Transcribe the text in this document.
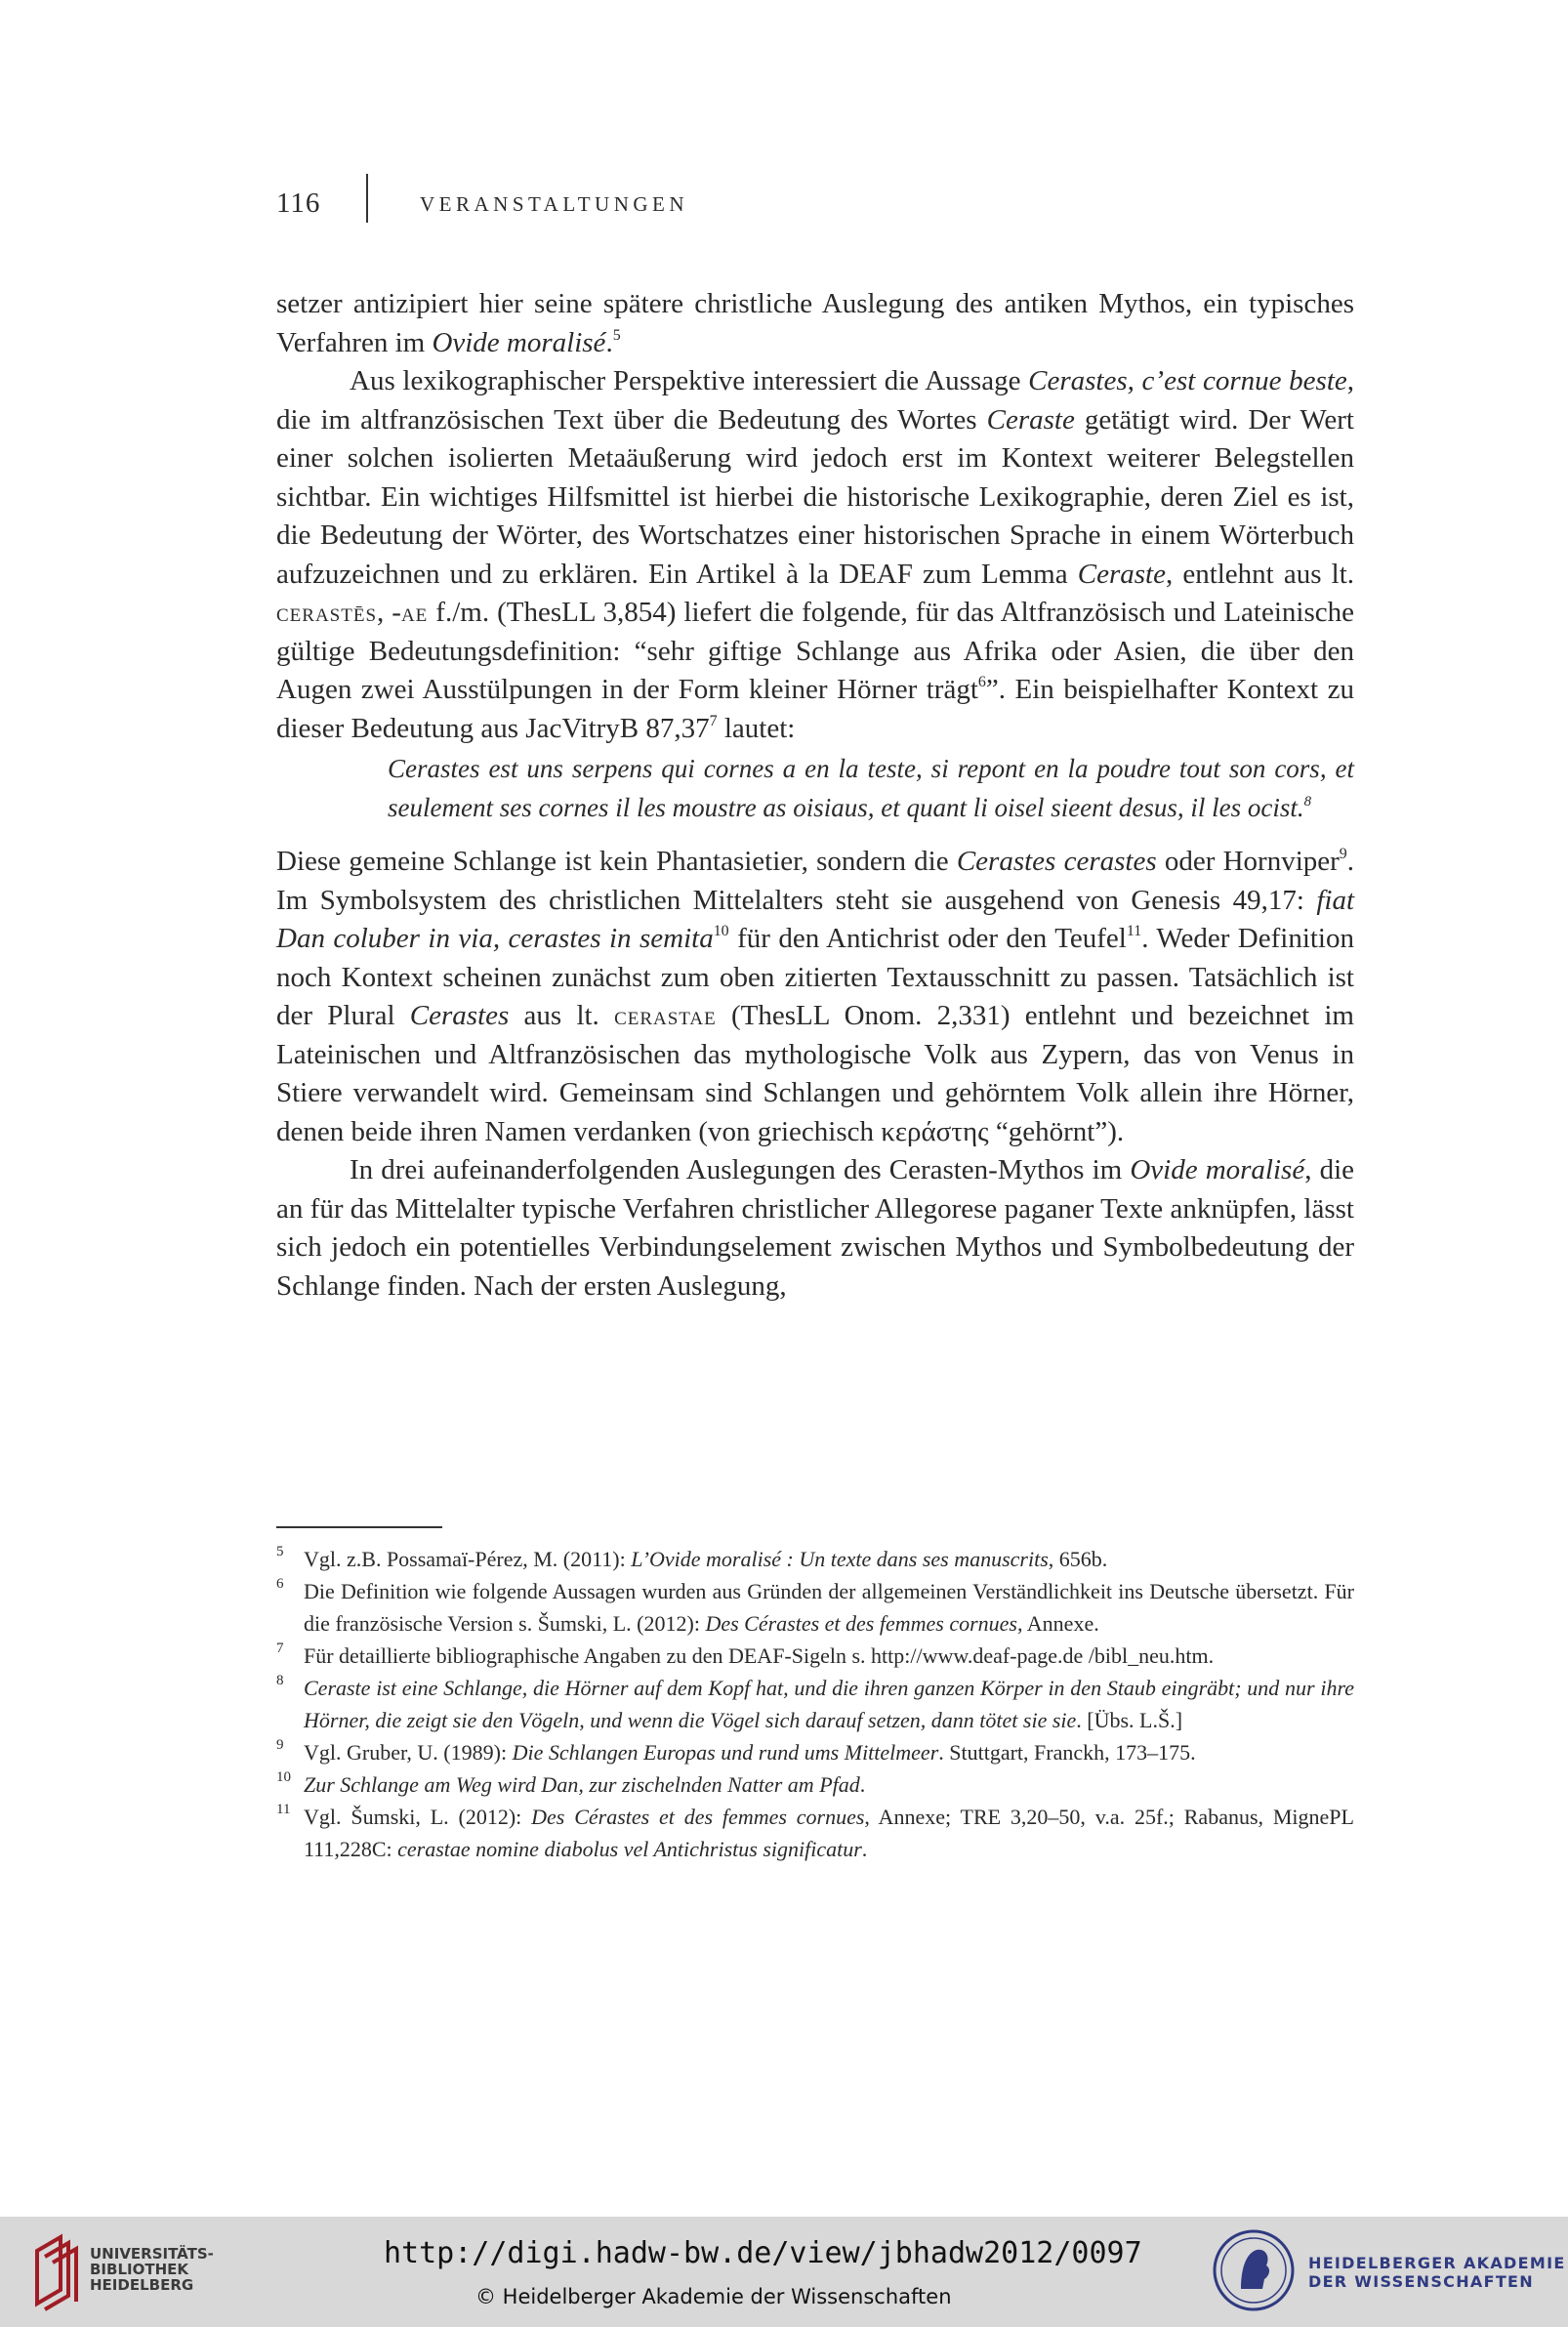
116	VERANSTALTUNGEN

setzer antizipiert hier seine spätere christliche Auslegung des antiken Mythos, ein typisches Verfahren im Ovide moralisé.$^5$

Aus lexikographischer Perspektive interessiert die Aussage Cerastes, c’est cornue beste, die im altfranzösischen Text über die Bedeutung des Wortes Ceraste getätigt wird. Der Wert einer solchen isolierten Metaäußerung wird jedoch erst im Kontext weiterer Belegstellen sichtbar. Ein wichtiges Hilfsmittel ist hierbei die historische Lexikographie, deren Ziel es ist, die Bedeutung der Wörter, des Wortschatzes einer historischen Sprache in einem Wörterbuch aufzuzeichnen und zu erklären. Ein Artikel à la DEAF zum Lemma Ceraste, entlehnt aus lt. cerastēs, -ae f./m. (ThesLL 3,854) liefert die folgende, für das Altfranzösisch und Lateinische gültige Bedeutungsdefinition: “sehr giftige Schlange aus Afrika oder Asien, die über den Augen zwei Ausstülpungen in der Form kleiner Hörner trägt$^6$”. Ein beispielhafter Kontext zu dieser Bedeutung aus JacVitryB 87,37$^7$ lautet:

Cerastes est uns serpens qui cornes a en la teste, si repont en la poudre tout son cors, et seulement ses cornes il les moustre as oisiaus, et quant li oisel sieent desus, il les ocist.$^8$

Diese gemeine Schlange ist kein Phantasietier, sondern die Cerastes cerastes oder Hornviper$^9$. Im Symbolsystem des christlichen Mittelalters steht sie ausgehend von Genesis 49,17: fiat Dan coluber in via, cerastes in semita$^{10}$ für den Antichrist oder den Teufel$^{11}$. Weder Definition noch Kontext scheinen zunächst zum oben zitierten Textausschnitt zu passen. Tatsächlich ist der Plural Cerastes aus lt. cerastae (ThesLL Onom. 2,331) entlehnt und bezeichnet im Lateinischen und Altfranzösischen das mythologische Volk aus Zypern, das von Venus in Stiere verwandelt wird. Gemeinsam sind Schlangen und gehörntem Volk allein ihre Hörner, denen beide ihren Namen verdanken (von griechisch κεράστης “gehörnt”).

In drei aufeinanderfolgenden Auslegungen des Cerasten-Mythos im Ovide moralisé, die an für das Mittelalter typische Verfahren christlicher Allegorese paganer Texte anknüpfen, lässt sich jedoch ein potentielles Verbindungselement zwischen Mythos und Symbolbedeutung der Schlange finden. Nach der ersten Auslegung,

5 Vgl. z.B. Possamaï-Pérez, M. (2011): L’Ovide moralisé : Un texte dans ses manuscrits, 656b.

6 Die Definition wie folgende Aussagen wurden aus Gründen der allgemeinen Verständlichkeit ins Deutsche übersetzt. Für die französische Version s. Šumski, L. (2012): Des Cérastes et des femmes cornues, Annexe.

7 Für detaillierte bibliographische Angaben zu den DEAF-Sigeln s. http://www.deaf-page.de /bibl_neu.htm.

8 Ceraste ist eine Schlange, die Hörner auf dem Kopf hat, und die ihren ganzen Körper in den Staub eingräbt; und nur ihre Hörner, die zeigt sie den Vögeln, und wenn die Vögel sich darauf setzen, dann tötet sie sie. [Übs. L.Š.]

9 Vgl. Gruber, U. (1989): Die Schlangen Europas und rund ums Mittelmeer. Stuttgart, Franckh, 173–175.

10 Zur Schlange am Weg wird Dan, zur zischelnden Natter am Pfad.

11 Vgl. Šumski, L. (2012): Des Cérastes et des femmes cornues, Annexe; TRE 3,20–50, v.a. 25f.; Rabanus, MignePL 111,228C: cerastae nomine diabolus vel Antichristus significatur.

UNIVERSITÄTS-
BIBLIOTHEK
HEIDELBERG
http://digi.hadw-bw.de/view/jbhadw2012/0097
© Heidelberger Akademie der Wissenschaften
HEIDELBERGER AKADEMIE
DER WISSENSCHAFTEN
